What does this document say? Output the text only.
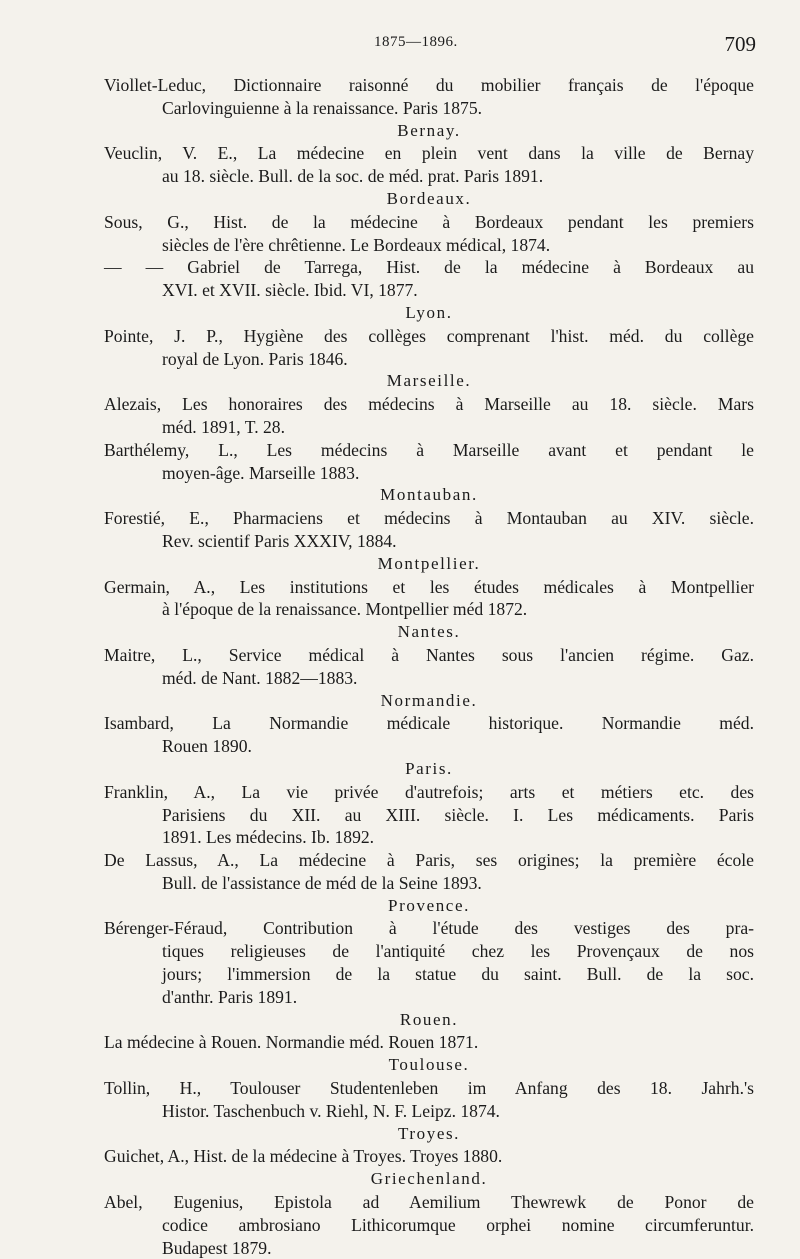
1875—1896.	709
Viollet-Leduc, Dictionnaire raisonné du mobilier français de l'époque
Carlovinguienne à la renaissance. Paris 1875.
Bernay.
Veuclin, V. E., La médecine en plein vent dans la ville de Bernay
au 18. siècle. Bull. de la soc. de méd. prat. Paris 1891.
Bordeaux.
Sous, G., Hist. de la médecine à Bordeaux pendant les premiers
siècles de l'ère chrêtienne. Le Bordeaux médical, 1874.
— — Gabriel de Tarrega, Hist. de la médecine à Bordeaux au
XVI. et XVII. siècle. Ibid. VI, 1877.
Lyon.
Pointe, J. P., Hygiène des collèges comprenant l'hist. méd. du collège
royal de Lyon. Paris 1846.
Marseille.
Alezais, Les honoraires des médecins à Marseille au 18. siècle. Mars
méd. 1891, T. 28.
Barthélemy, L., Les médecins à Marseille avant et pendant le
moyen-âge. Marseille 1883.
Montauban.
Forestié, E., Pharmaciens et médecins à Montauban au XIV. siècle.
Rev. scientif Paris XXXIV, 1884.
Montpellier.
Germain, A., Les institutions et les études médicales à Montpellier
à l'époque de la renaissance. Montpellier méd 1872.
Nantes.
Maitre, L., Service médical à Nantes sous l'ancien régime. Gaz.
méd. de Nant. 1882—1883.
Normandie.
Isambard, La Normandie médicale historique. Normandie méd.
Rouen 1890.
Paris.
Franklin, A., La vie privée d'autrefois; arts et métiers etc. des
Parisiens du XII. au XIII. siècle. I. Les médicaments. Paris
1891. Les médecins. Ib. 1892.
De Lassus, A., La médecine à Paris, ses origines; la première école
Bull. de l'assistance de méd de la Seine 1893.
Provence.
Bérenger-Féraud, Contribution à l'étude des vestiges des pra-
tiques religieuses de l'antiquité chez les Provençaux de nos
jours; l'immersion de la statue du saint. Bull. de la soc.
d'anthr. Paris 1891.
Rouen.
La médecine à Rouen. Normandie méd. Rouen 1871.
Toulouse.
Tollin, H., Toulouser Studentenleben im Anfang des 18. Jahrh.'s
Histor. Taschenbuch v. Riehl, N. F. Leipz. 1874.
Troyes.
Guichet, A., Hist. de la médecine à Troyes. Troyes 1880.
Griechenland.
Abel, Eugenius, Epistola ad Aemilium Thewrewk de Ponor de
codice ambrosiano Lithicorumque orphei nomine circumferuntur.
Budapest 1879.
